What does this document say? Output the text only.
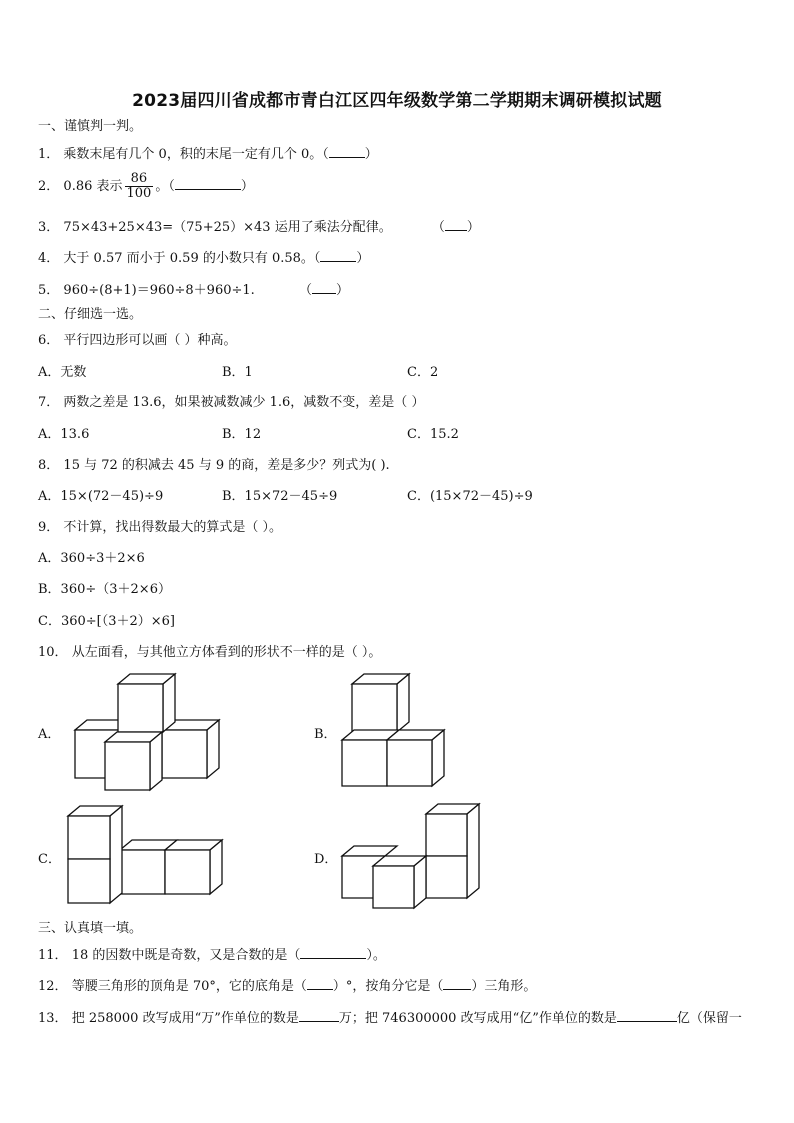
2023届四川省成都市青白江区四年级数学第二学期期末调研模拟试题
一、谨慎判一判。
1． 乘数末尾有几个 0，积的末尾一定有几个 0。（	）
2． 0.86 表示 $\frac{86}{100}$ 。（	）
3． 75×43+25×43=（75+25）×43 运用了乘法分配律。	（ ）
4． 大于 0.57 而小于 0.59 的小数只有 0.58。（	）
5． 960÷(8+1)＝960÷8＋960÷1.	（ ）
二、仔细选一选。
6． 平行四边形可以画（ ）种高。
A．无数	B．1	C．2
7． 两数之差是 13.6，如果被减数减少 1.6，减数不变，差是（ ）
A．13.6	B．12	C．15.2
8． 15 与 72 的积减去 45 与 9 的商，差是多少？列式为( ).
A．15×(72－45)÷9	B．15×72－45÷9	C．(15×72－45)÷9
9． 不计算，找出得数最大的算式是（ ）。
A．360÷3＋2×6
B．360÷（3＋2×6）
C．360÷[（3＋2）×6]
10． 从左面看，与其他立方体看到的形状不一样的是（ ）。
A．	B．
C．	D．
三、认真填一填。
11． 18 的因数中既是奇数，又是合数的是（	）。
12． 等腰三角形的顶角是 70°，它的底角是（ ）°，按角分它是（ ）三角形。
13． 把 258000 改写成用“万”作单位的数是	万；把 746300000 改写成用“亿”作单位的数是	亿（保留一
